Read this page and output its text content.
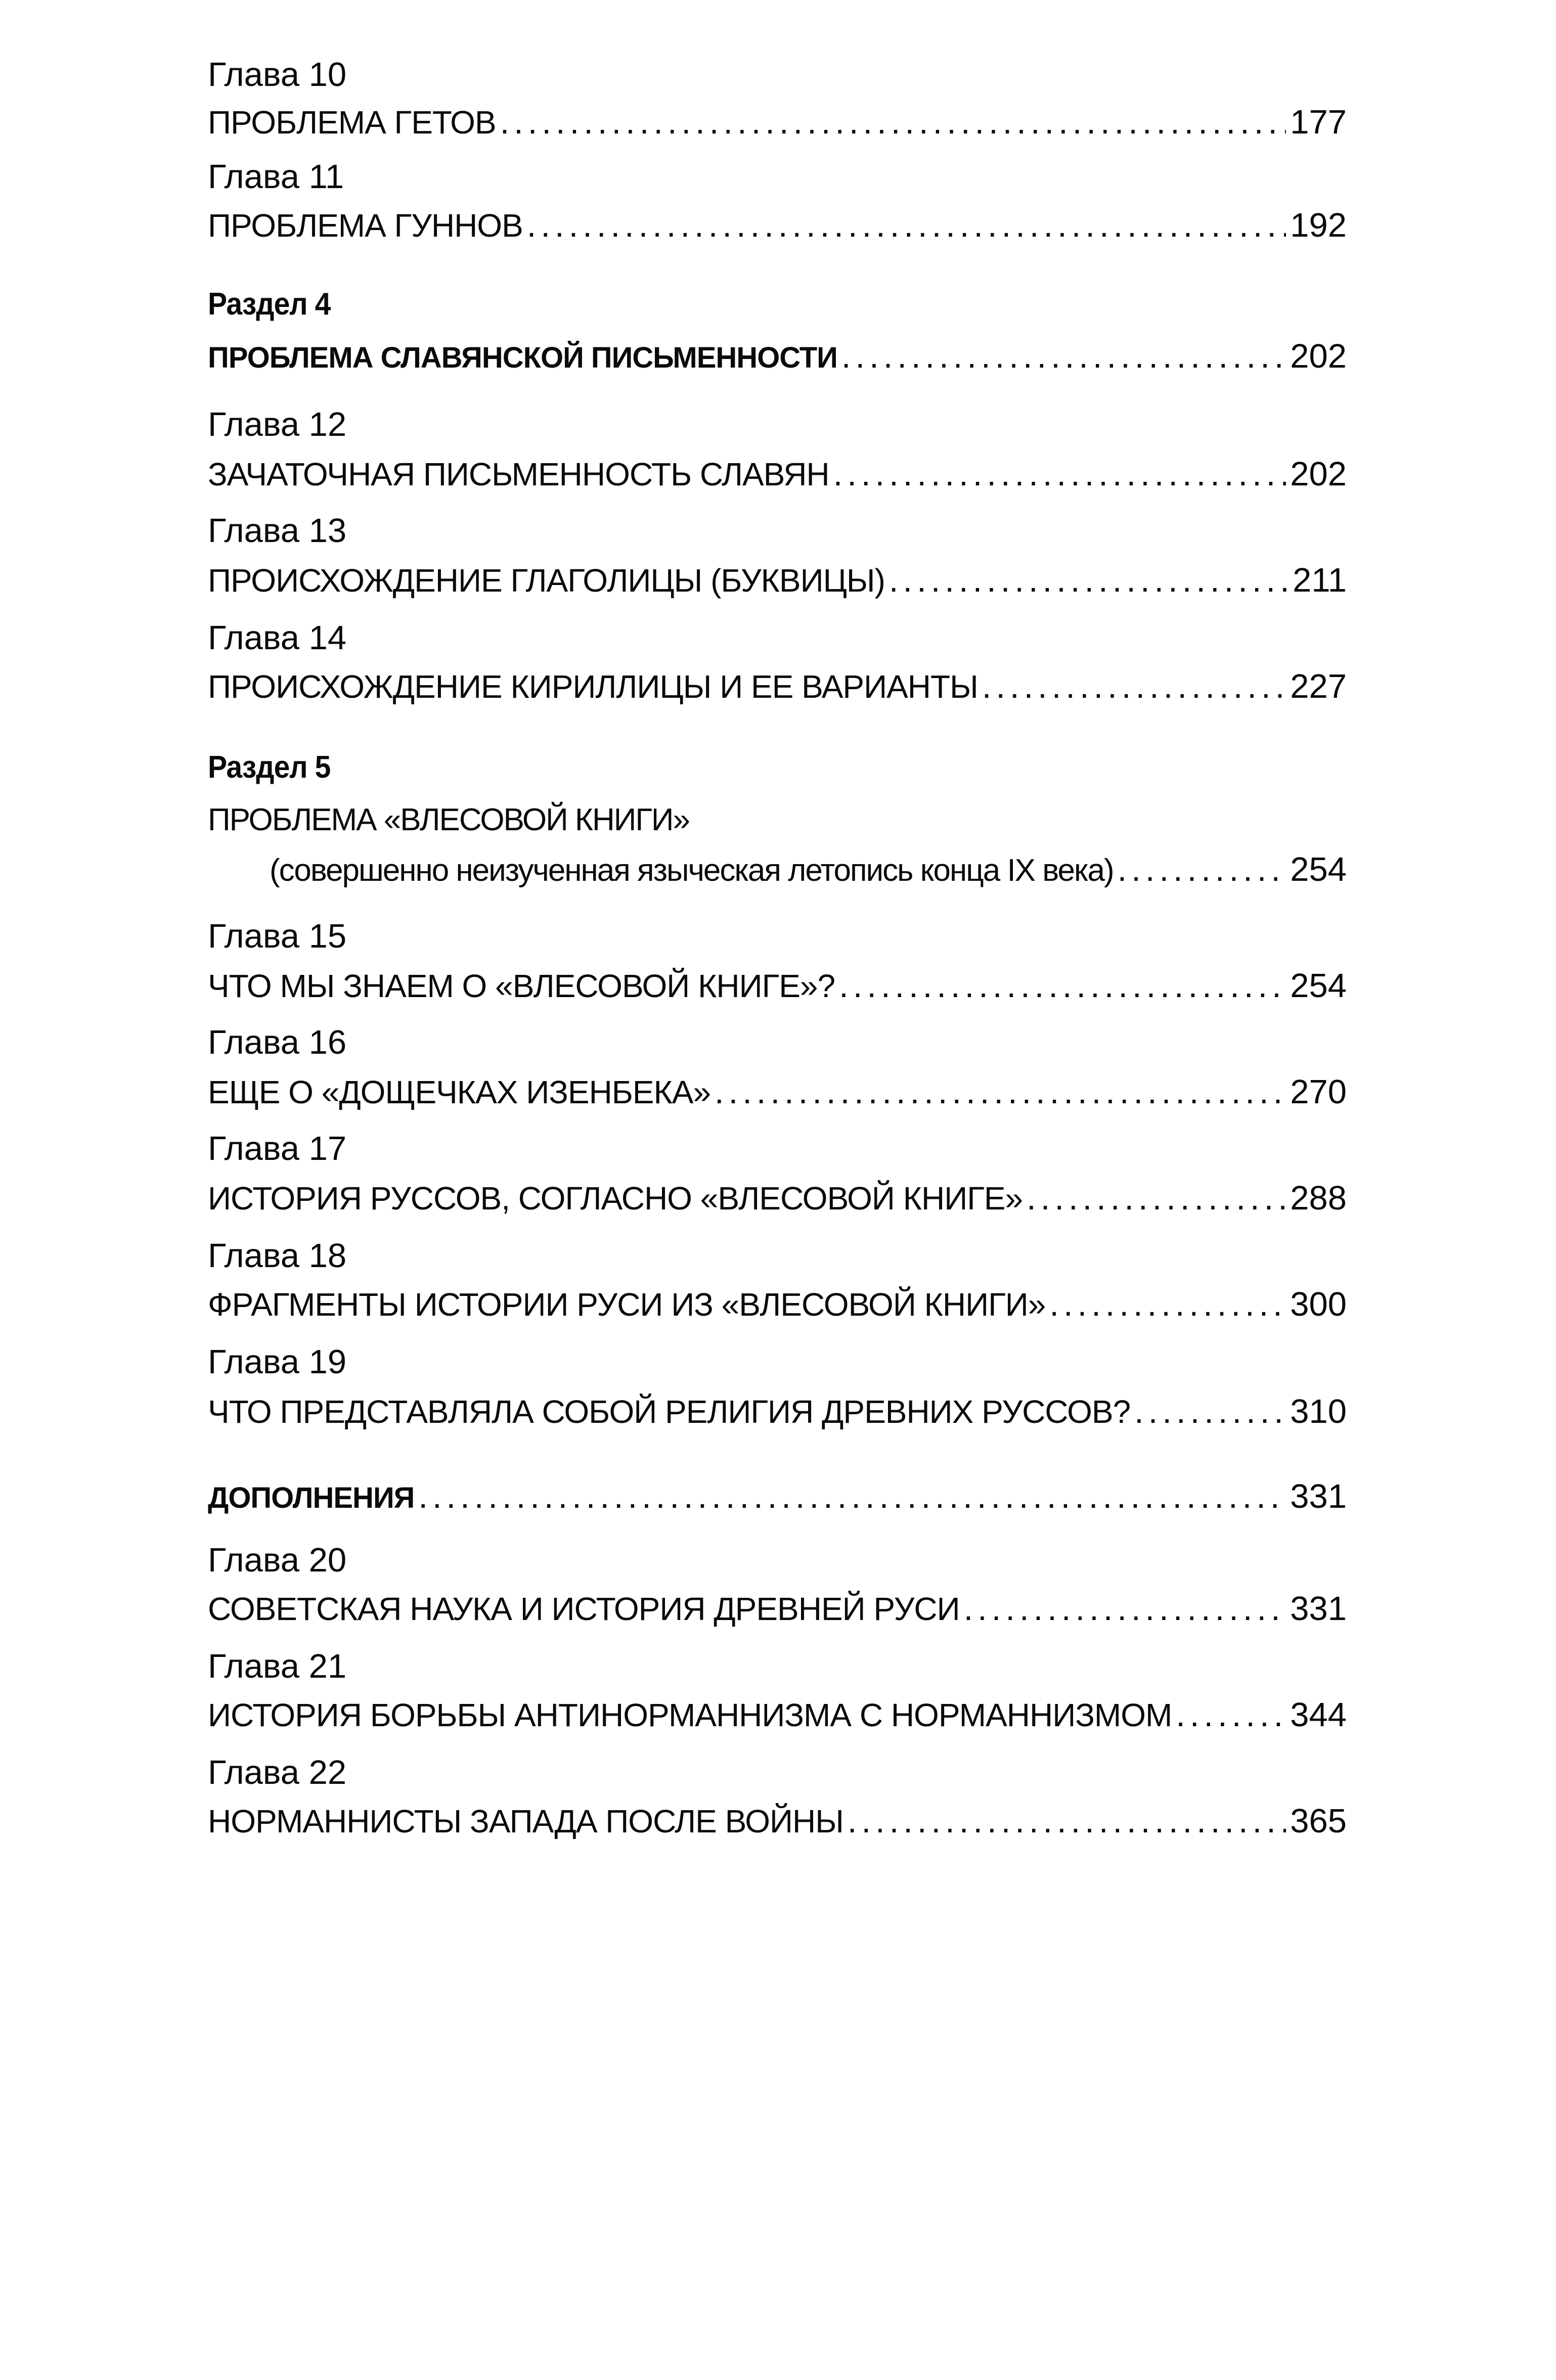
Глава 10
ПРОБЛЕМА ГЕТОВ .....	177
Глава 11
ПРОБЛЕМА ГУННОВ .....	192
Раздел 4
ПРОБЛЕМА СЛАВЯНСКОЙ ПИСЬМЕННОСТИ .....	202
Глава 12
ЗАЧАТОЧНАЯ ПИСЬМЕННОСТЬ СЛАВЯН .....	202
Глава 13
ПРОИСХОЖДЕНИЕ ГЛАГОЛИЦЫ (БУКВИЦЫ) .....	211
Глава 14
ПРОИСХОЖДЕНИЕ КИРИЛЛИЦЫ И ЕЕ ВАРИАНТЫ .....	227
Раздел 5
ПРОБЛЕМА «ВЛЕСОВОЙ КНИГИ»
(совершенно неизученная языческая летопись конца IX века) .....	254
Глава 15
ЧТО МЫ ЗНАЕМ О «ВЛЕСОВОЙ КНИГЕ»? .....	254
Глава 16
ЕЩЕ О «ДОЩЕЧКАХ ИЗЕНБЕКА» .....	270
Глава 17
ИСТОРИЯ РУССОВ, СОГЛАСНО «ВЛЕСОВОЙ КНИГЕ» .....	288
Глава 18
ФРАГМЕНТЫ ИСТОРИИ РУСИ ИЗ «ВЛЕСОВОЙ КНИГИ» .....	300
Глава 19
ЧТО ПРЕДСТАВЛЯЛА СОБОЙ РЕЛИГИЯ ДРЕВНИХ РУССОВ? .....	310
ДОПОЛНЕНИЯ .....	331
Глава 20
СОВЕТСКАЯ НАУКА И ИСТОРИЯ ДРЕВНЕЙ РУСИ .....	331
Глава 21
ИСТОРИЯ БОРЬБЫ АНТИНОРМАННИЗМА С НОРМАННИЗМОМ .....	344
Глава 22
НОРМАННИСТЫ ЗАПАДА ПОСЛЕ ВОЙНЫ .....	365
